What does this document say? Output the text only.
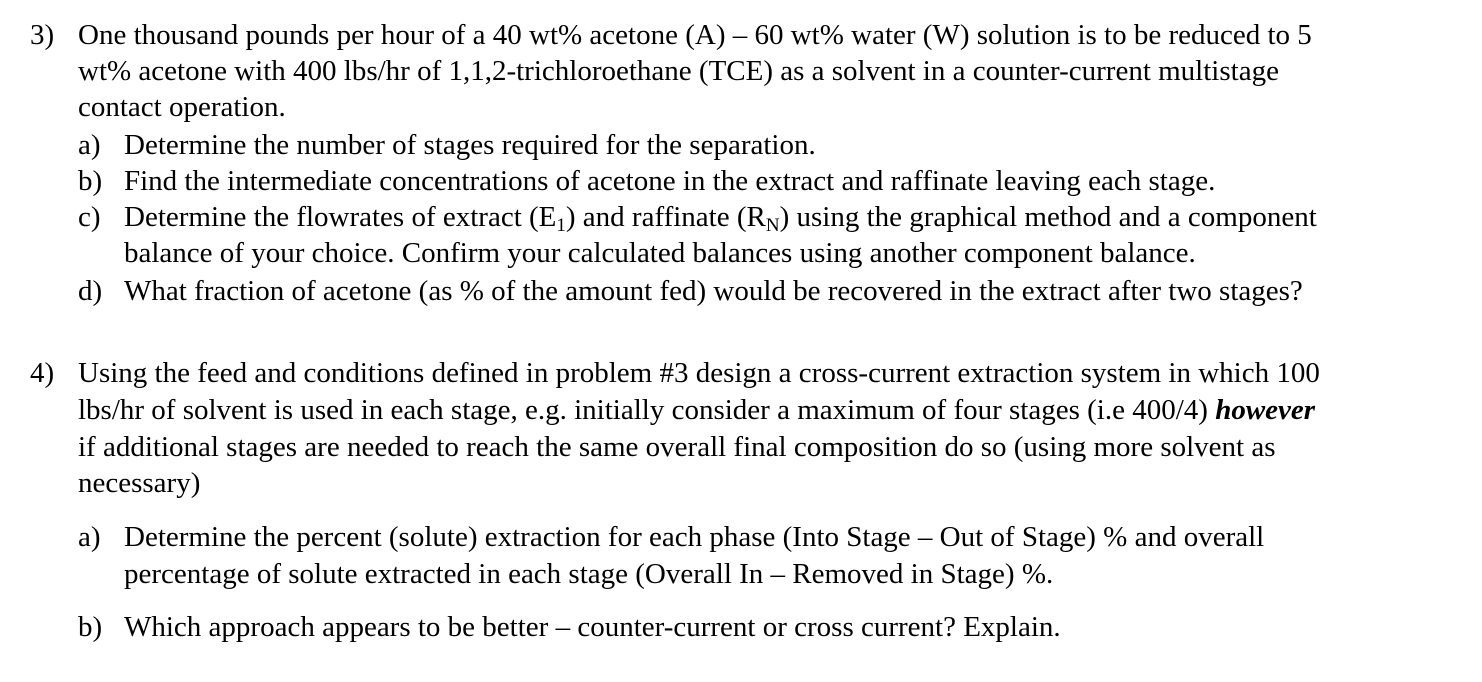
3) One thousand pounds per hour of a 40 wt% acetone (A) – 60 wt% water (W) solution is to be reduced to 5
wt% acetone with 400 lbs/hr of 1,1,2-trichloroethane (TCE) as a solvent in a counter-current multistage
contact operation.
a) Determine the number of stages required for the separation.
b) Find the intermediate concentrations of acetone in the extract and raffinate leaving each stage.
c) Determine the flowrates of extract $(E_1)$ and raffinate $(R_N)$ using the graphical method and a component
balance of your choice. Confirm your calculated balances using another component balance.
d) What fraction of acetone (as % of the amount fed) would be recovered in the extract after two stages?
4) Using the feed and conditions defined in problem #3 design a cross-current extraction system in which 100
lbs/hr of solvent is used in each stage, e.g. initially consider a maximum of four stages (i.e 400/4) however
if additional stages are needed to reach the same overall final composition do so (using more solvent as
necessary)
a) Determine the percent (solute) extraction for each phase (Into Stage – Out of Stage) % and overall
percentage of solute extracted in each stage (Overall In – Removed in Stage) %.
b) Which approach appears to be better – counter-current or cross current? Explain.
